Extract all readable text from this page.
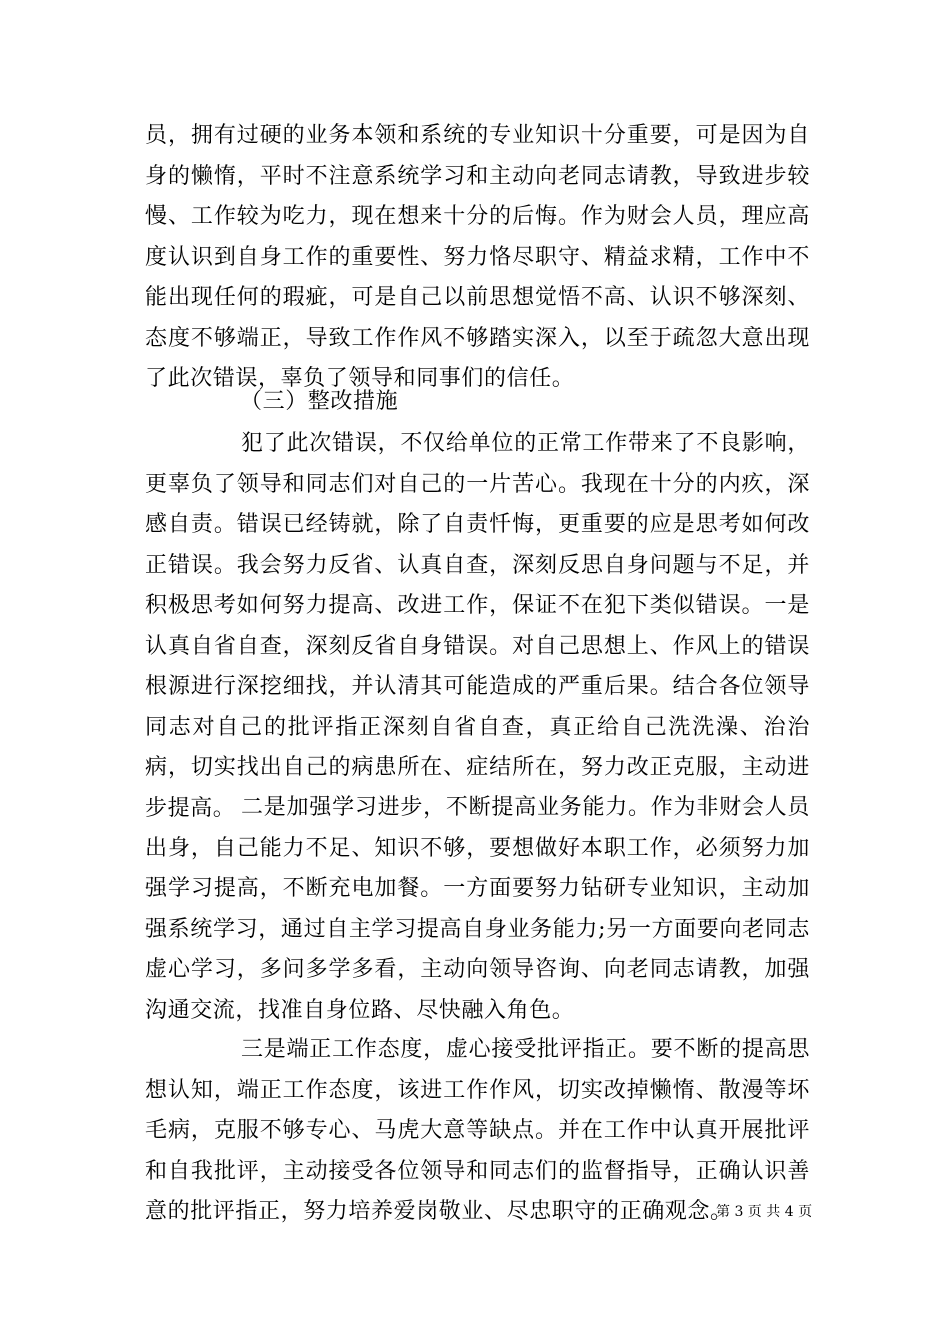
员，拥有过硬的业务本领和系统的专业知识十分重要，可是因为自身的懒惰，平时不注意系统学习和主动向老同志请教，导致进步较慢、工作较为吃力，现在想来十分的后悔。作为财会人员，理应高度认识到自身工作的重要性、努力恪尽职守、精益求精，工作中不能出现任何的瑕疵，可是自己以前思想觉悟不高、认识不够深刻、态度不够端正，导致工作作风不够踏实深入，以至于疏忽大意出现了此次错误，辜负了领导和同事们的信任。

（三）整改措施

犯了此次错误，不仅给单位的正常工作带来了不良影响，更辜负了领导和同志们对自己的一片苦心。我现在十分的内疚，深感自责。错误已经铸就，除了自责忏悔，更重要的应是思考如何改正错误。我会努力反省、认真自查，深刻反思自身问题与不足，并积极思考如何努力提高、改进工作，保证不在犯下类似错误。一是认真自省自查，深刻反省自身错误。对自己思想上、作风上的错误根源进行深挖细找，并认清其可能造成的严重后果。结合各位领导同志对自己的批评指正深刻自省自查，真正给自己洗洗澡、治治病，切实找出自己的病患所在、症结所在，努力改正克服，主动进步提高。 二是加强学习进步，不断提高业务能力。作为非财会人员出身，自己能力不足、知识不够，要想做好本职工作，必须努力加强学习提高，不断充电加餐。一方面要努力钻研专业知识，主动加强系统学习，通过自主学习提高自身业务能力;另一方面要向老同志虚心学习，多问多学多看，主动向领导咨询、向老同志请教，加强沟通交流，找准自身位路、尽快融入角色。

三是端正工作态度，虚心接受批评指正。要不断的提高思想认知，端正工作态度，该进工作作风，切实改掉懒惰、散漫等坏毛病，克服不够专心、马虎大意等缺点。并在工作中认真开展批评和自我批评，主动接受各位领导和同志们的监督指导，正确认识善意的批评指正，努力培养爱岗敬业、尽忠职守的正确观念。

第 3 页 共 4 页
